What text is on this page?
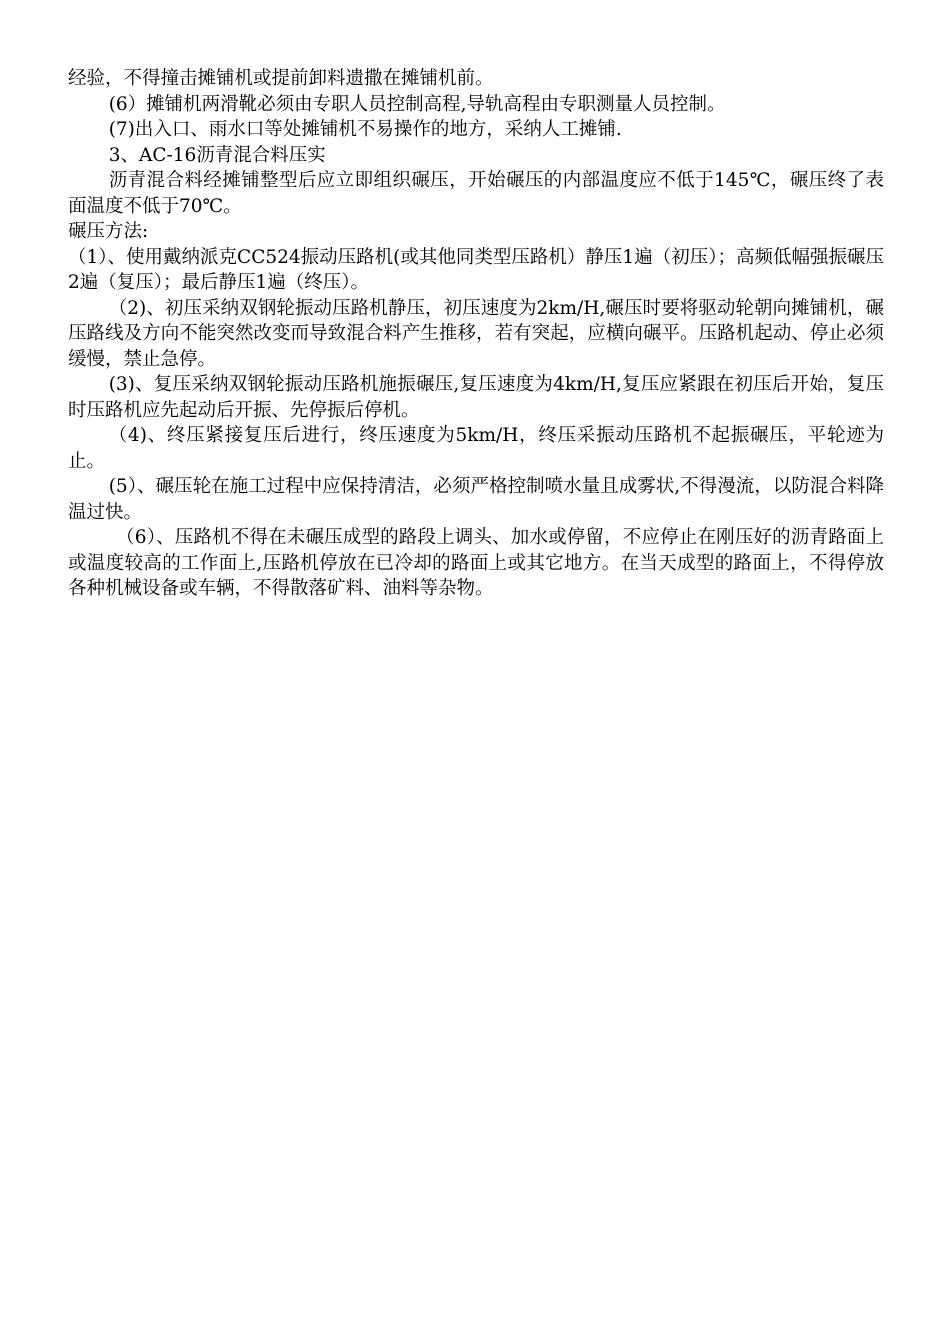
经验，不得撞击摊铺机或提前卸料遗撒在摊铺机前。

(6）摊铺机两滑靴必须由专职人员控制高程,导轨高程由专职测量人员控制。

(7)出入口、雨水口等处摊铺机不易操作的地方，采纳人工摊铺.

3、AC-16沥青混合料压实

沥青混合料经摊铺整型后应立即组织碾压，开始碾压的内部温度应不低于145℃，碾压终了表面温度不低于70℃。

碾压方法:

（1）、使用戴纳派克CC524振动压路机(或其他同类型压路机）静压1遍（初压）；高频低幅强振碾压2遍（复压）；最后静压1遍（终压）。

（2)、初压采纳双钢轮振动压路机静压，初压速度为2km/H,碾压时要将驱动轮朝向摊铺机，碾压路线及方向不能突然改变而导致混合料产生推移，若有突起，应横向碾平。压路机起动、停止必须缓慢，禁止急停。

(3)、复压采纳双钢轮振动压路机施振碾压,复压速度为4km/H,复压应紧跟在初压后开始，复压时压路机应先起动后开振、先停振后停机。

（4)、终压紧接复压后进行，终压速度为5km/H，终压采振动压路机不起振碾压，平轮迹为止。

(5）、碾压轮在施工过程中应保持清洁，必须严格控制喷水量且成雾状,不得漫流，以防混合料降温过快。

（6）、压路机不得在未碾压成型的路段上调头、加水或停留，不应停止在刚压好的沥青路面上或温度较高的工作面上,压路机停放在已冷却的路面上或其它地方。在当天成型的路面上，不得停放各种机械设备或车辆，不得散落矿料、油料等杂物。
